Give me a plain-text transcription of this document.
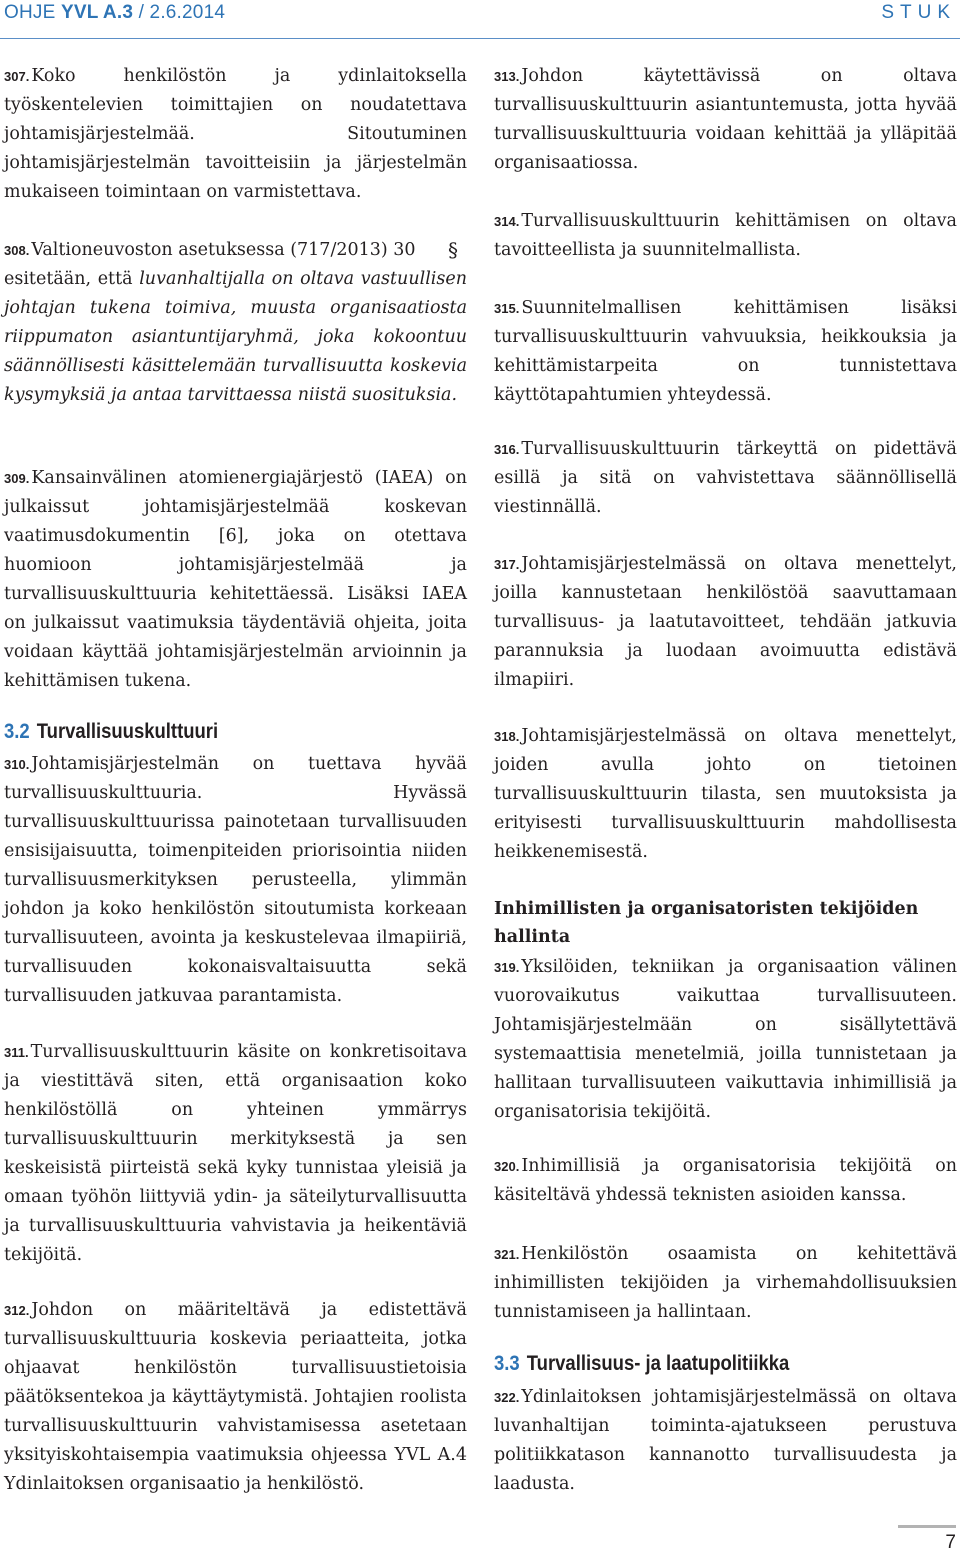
OHJE YVL A.3 / 2.6.2014	STUK

307. Koko henkilöstön ja ydinlaitoksella työskentelevien toimittajien on noudatettava johtamisjärjestelmää. Sitoutuminen johtamisjärjestelmän tavoitteisiin ja järjestelmän mukaiseen toimintaan on varmistettava.

308. Valtioneuvoston asetuksessa (717/2013) 30	§

esitetään, että luvanhaltijalla on oltava vastuullisen johtajan tukena toimiva, muusta organisaatiosta riippumaton asiantuntijaryhmä, joka kokoontuu säännöllisesti käsittelemään turvallisuutta koskevia kysymyksiä ja antaa tarvittaessa niistä suosituksia.

309. Kansainvälinen atomienergiajärjestö (IAEA) on julkaissut johtamisjärjestelmää koskevan vaatimusdokumentin [6], joka on otettava huomioon johtamisjärjestelmää ja turvallisuuskulttuuria kehitettäessä. Lisäksi IAEA on julkaissut vaatimuksia täydentäviä ohjeita, joita voidaan käyttää johtamisjärjestelmän arvioinnin ja kehittämisen tukena.

3.2 Turvallisuuskulttuuri

310. Johtamisjärjestelmän on tuettava hyvää turvallisuuskulttuuria. Hyvässä turvallisuuskulttuurissa painotetaan turvallisuuden ensisijaisuutta, toimenpiteiden priorisointia niiden turvallisuusmerkityksen perusteella, ylimmän johdon ja koko henkilöstön sitoutumista korkeaan turvallisuuteen, avointa ja keskustelevaa ilmapiiriä, turvallisuuden kokonaisvaltaisuutta sekä turvallisuuden jatkuvaa parantamista.

311. Turvallisuuskulttuurin käsite on konkretisoitava ja viestittävä siten, että organisaation koko henkilöstöllä on yhteinen ymmärrys turvallisuuskulttuurin merkityksestä ja sen keskeisistä piirteistä sekä kyky tunnistaa yleisiä ja omaan työhön liittyviä ydin- ja säteilyturvallisuutta ja turvallisuuskulttuuria vahvistavia ja heikentäviä tekijöitä.

312. Johdon on määriteltävä ja edistettävä turvallisuuskulttuuria koskevia periaatteita, jotka ohjaavat henkilöstön turvallisuustietoisia päätöksentekoa ja käyttäytymistä. Johtajien roolista turvallisuuskulttuurin vahvistamisessa asetetaan yksityiskohtaisempia vaatimuksia ohjeessa YVL A.4 Ydinlaitoksen organisaatio ja henkilöstö.

313. Johdon käytettävissä on oltava turvallisuuskulttuurin asiantuntemusta, jotta hyvää turvallisuuskulttuuria voidaan kehittää ja ylläpitää organisaatiossa.

314. Turvallisuuskulttuurin kehittämisen on oltava tavoitteellista ja suunnitelmallista.

315. Suunnitelmallisen kehittämisen lisäksi turvallisuuskulttuurin vahvuuksia, heikkouksia ja kehittämistarpeita on tunnistettava käyttötapahtumien yhteydessä.

316. Turvallisuuskulttuurin tärkeyttä on pidettävä esillä ja sitä on vahvistettava säännöllisellä viestinnällä.

317. Johtamisjärjestelmässä on oltava menettelyt, joilla kannustetaan henkilöstöä saavuttamaan turvallisuus- ja laatutavoitteet, tehdään jatkuvia parannuksia ja luodaan avoimuutta edistävä ilmapiiri.

318. Johtamisjärjestelmässä on oltava menettelyt, joiden avulla johto on tietoinen turvallisuuskulttuurin tilasta, sen muutoksista ja erityisesti turvallisuuskulttuurin mahdollisesta heikkenemisestä.

Inhimillisten ja organisatoristen tekijöiden hallinta

319. Yksilöiden, tekniikan ja organisaation välinen vuorovaikutus vaikuttaa turvallisuuteen. Johtamisjärjestelmään on sisällytettävä systemaattisia menetelmiä, joilla tunnistetaan ja hallitaan turvallisuuteen vaikuttavia inhimillisiä ja organisatorisia tekijöitä.

320. Inhimillisiä ja organisatorisia tekijöitä on käsiteltävä yhdessä teknisten asioiden kanssa.

321. Henkilöstön osaamista on kehitettävä inhimillisten tekijöiden ja virhemahdollisuuksien tunnistamiseen ja hallintaan.

3.3 Turvallisuus- ja laatupolitiikka

322. Ydinlaitoksen johtamisjärjestelmässä on oltava luvanhaltijan toiminta-ajatukseen perustuva politiikkatason kannanotto turvallisuudesta ja laadusta.

7
